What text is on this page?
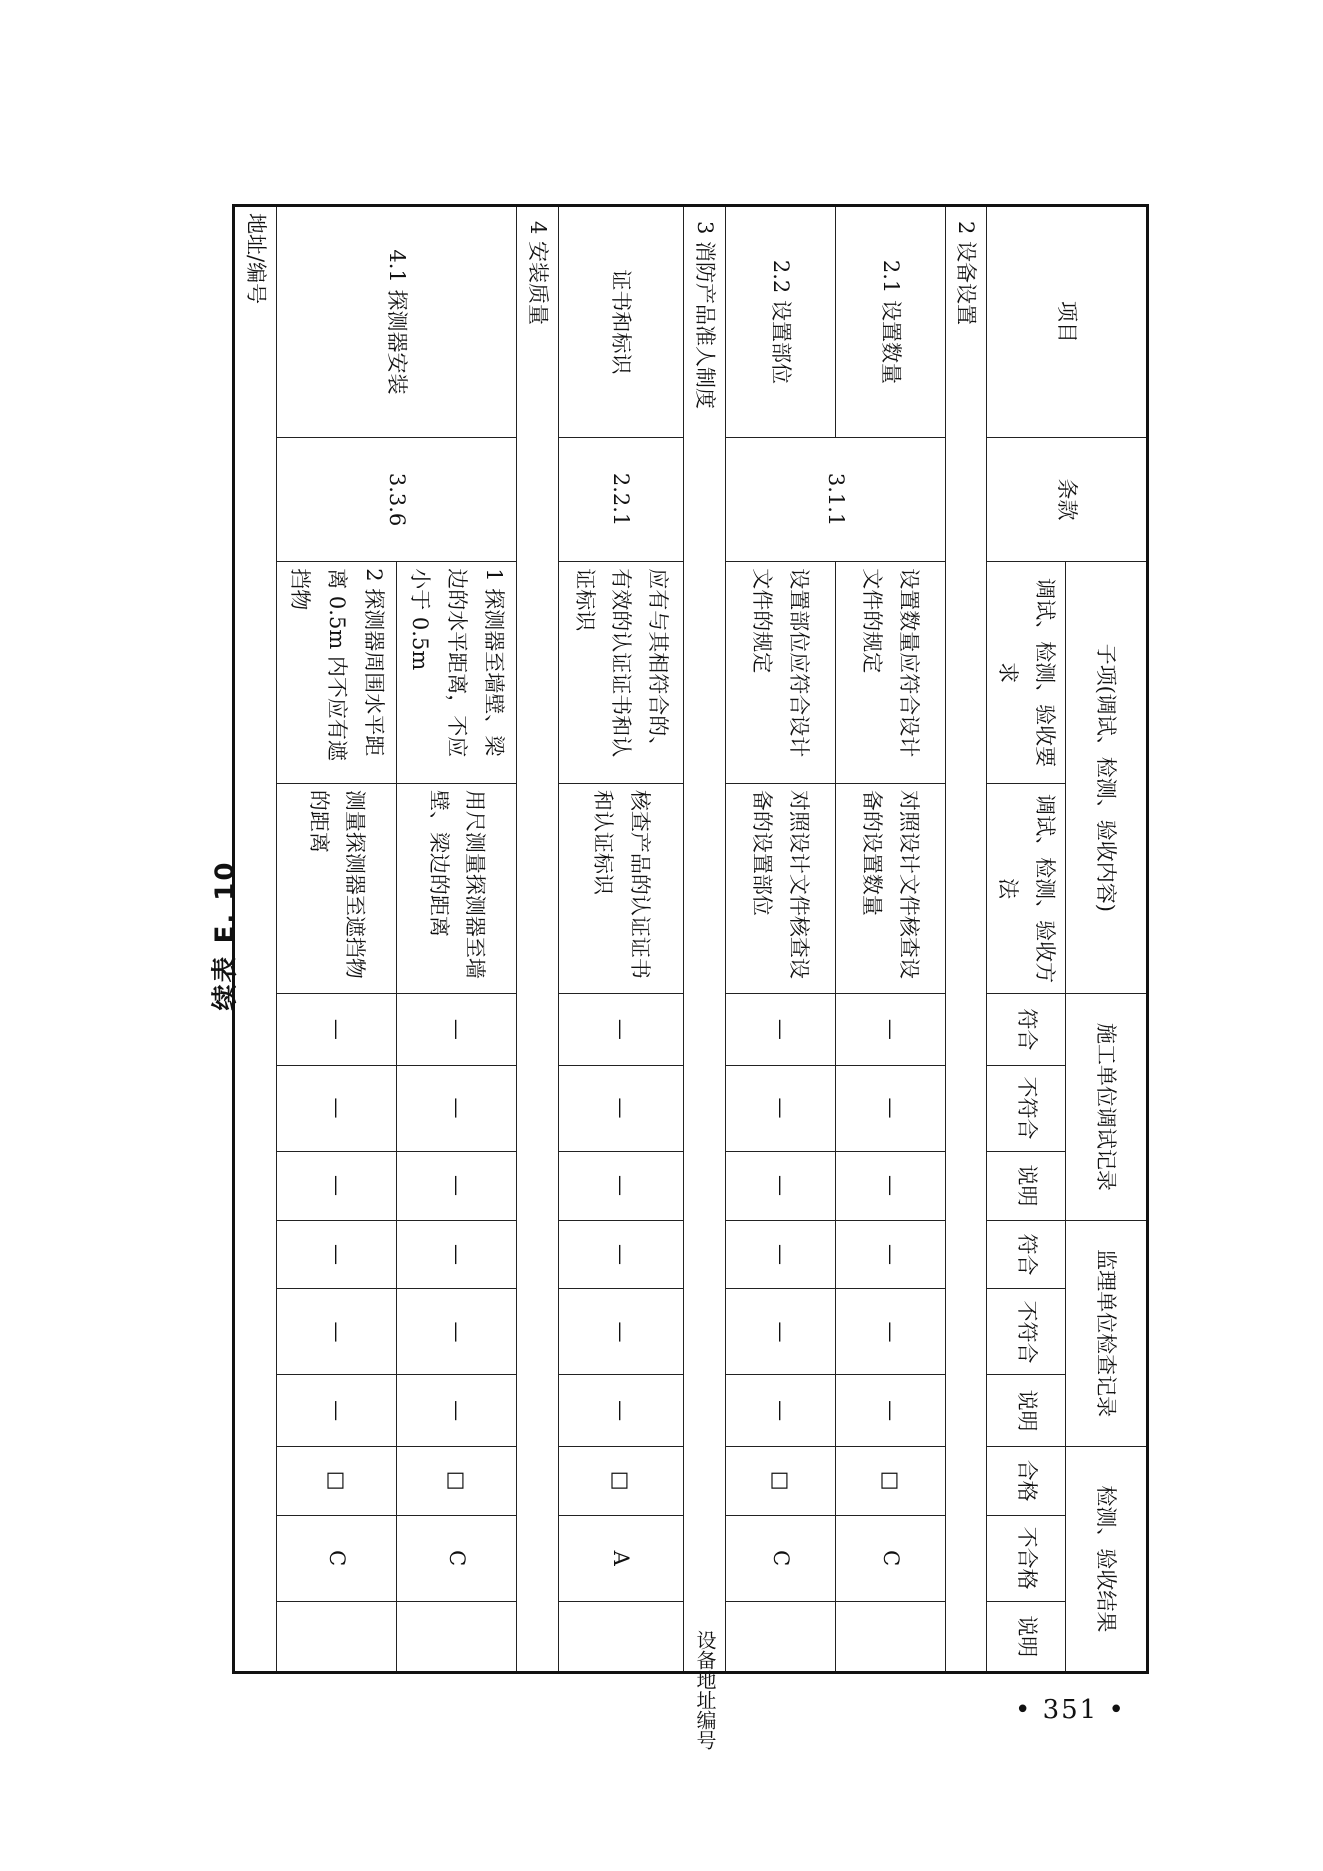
续表 E. 10
项目	条款	子项(调试、检测、验收内容)		施工单位调试记录			监理单位检查记录			检测、验收结果		

		调试、检测、验收要求	调试、检测、验收方法	符合	不符合	说明	符合	不符合	说明	合格	不合格	说明
2 设备设置												
2.1 设置数量	3.1.1	设置数量应符合设计文件的规定	对照设计文件核查设备的设置数量	—	—	—	—	—	—	□	C	
2.2 设置部位		设置部位应符合设计文件的规定	对照设计文件核查设备的设置部位	—	—	—	—	—	—	□	C	
3 消防产品准人制度												
证书和标识	2.2.1	应有与其相符合的、有效的认证证书和认证标识	核查产品的认证证书和认证标识	—	—	—	—	—	—	□	A	
4 安装质量												
4.1 探测器安装	3.3.6	1 探测器至墙壁、梁边的水平距离，不应小于 0.5m	用尺测量探测器至墙壁、梁边的距离	—	—	—	—	—	—	□	C	
		2 探测器周围水平距离 0.5m 内不应有遮挡物	测量探测器至遮挡物的距离	—	—	—	—	—	—	□	C	
地址/编号												
设备地址编号	• 351 •
